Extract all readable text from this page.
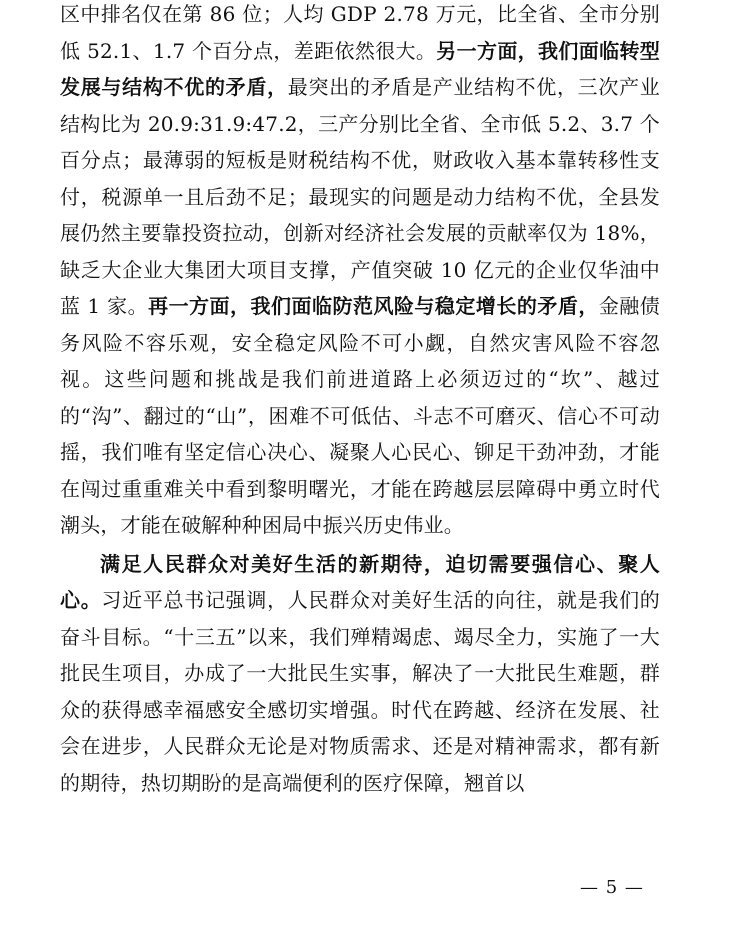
区中排名仅在第 86 位；人均 GDP 2.78 万元，比全省、全市分别低 52.1、1.7 个百分点，差距依然很大。另一方面，我们面临转型发展与结构不优的矛盾，最突出的矛盾是产业结构不优，三次产业结构比为 20.9:31.9:47.2，三产分别比全省、全市低 5.2、3.7 个百分点；最薄弱的短板是财税结构不优，财政收入基本靠转移性支付，税源单一且后劲不足；最现实的问题是动力结构不优，全县发展仍然主要靠投资拉动，创新对经济社会发展的贡献率仅为 18%，缺乏大企业大集团大项目支撑，产值突破 10 亿元的企业仅华油中蓝 1 家。再一方面，我们面临防范风险与稳定增长的矛盾，金融债务风险不容乐观，安全稳定风险不可小觑，自然灾害风险不容忽视。这些问题和挑战是我们前进道路上必须迈过的“坎”、越过的“沟”、翻过的“山”，困难不可低估、斗志不可磨灭、信心不可动摇，我们唯有坚定信心决心、凝聚人心民心、铆足干劲冲劲，才能在闯过重重难关中看到黎明曙光，才能在跨越层层障碍中勇立时代潮头，才能在破解种种困局中振兴历史伟业。

满足人民群众对美好生活的新期待，迫切需要强信心、聚人心。习近平总书记强调，人民群众对美好生活的向往，就是我们的奋斗目标。“十三五”以来，我们殚精竭虑、竭尽全力，实施了一大批民生项目，办成了一大批民生实事，解决了一大批民生难题，群众的获得感幸福感安全感切实增强。时代在跨越、经济在发展、社会在进步，人民群众无论是对物质需求、还是对精神需求，都有新的期待，热切期盼的是高端便利的医疗保障，翘首以

— 5 —
